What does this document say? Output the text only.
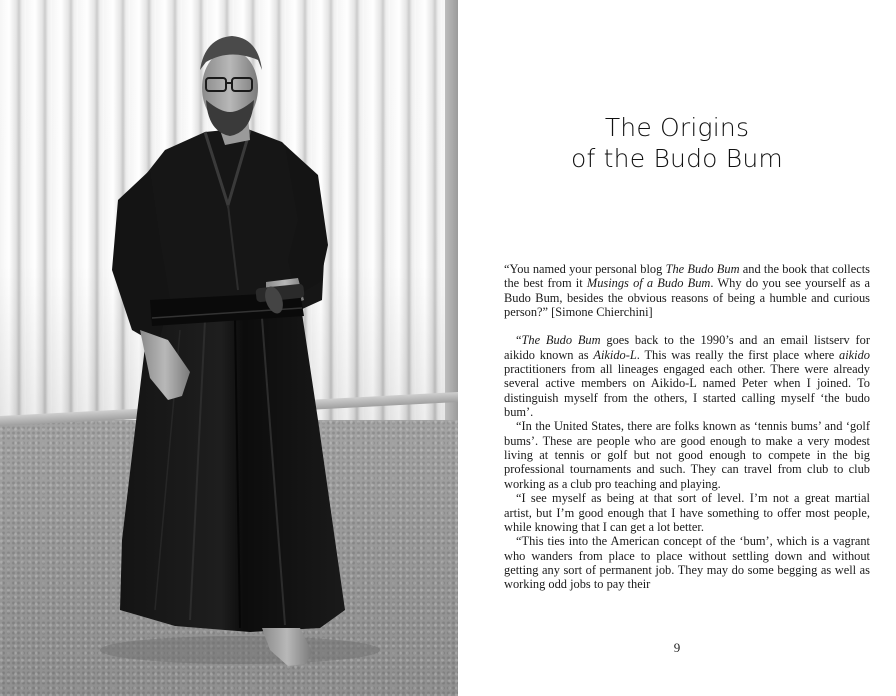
The Origins
of the Budo Bum

“You named your personal blog The Budo Bum and the book that collects the best from it Musings of a Budo Bum. Why do you see yourself as a Budo Bum, besides the obvious reasons of being a humble and curious person?” [Simone Chierchini]

“The Budo Bum goes back to the 1990’s and an email listserv for aikido known as Aikido-L. This was really the first place where aikido practitioners from all lineages engaged each other. There were already several active members on Aikido-L named Peter when I joined. To distinguish myself from the others, I started calling myself ‘the budo bum’.

“In the United States, there are folks known as ‘tennis bums’ and ‘golf bums’. These are people who are good enough to make a very modest living at tennis or golf but not good enough to compete in the big professional tournaments and such. They can travel from club to club working as a club pro teaching and playing.

“I see myself as being at that sort of level. I’m not a great martial artist, but I’m good enough that I have something to offer most people, while knowing that I can get a lot better.

“This ties into the American concept of the ‘bum’, which is a vagrant who wanders from place to place without settling down and without getting any sort of permanent job. They may do some begging as well as working odd jobs to pay their

9
